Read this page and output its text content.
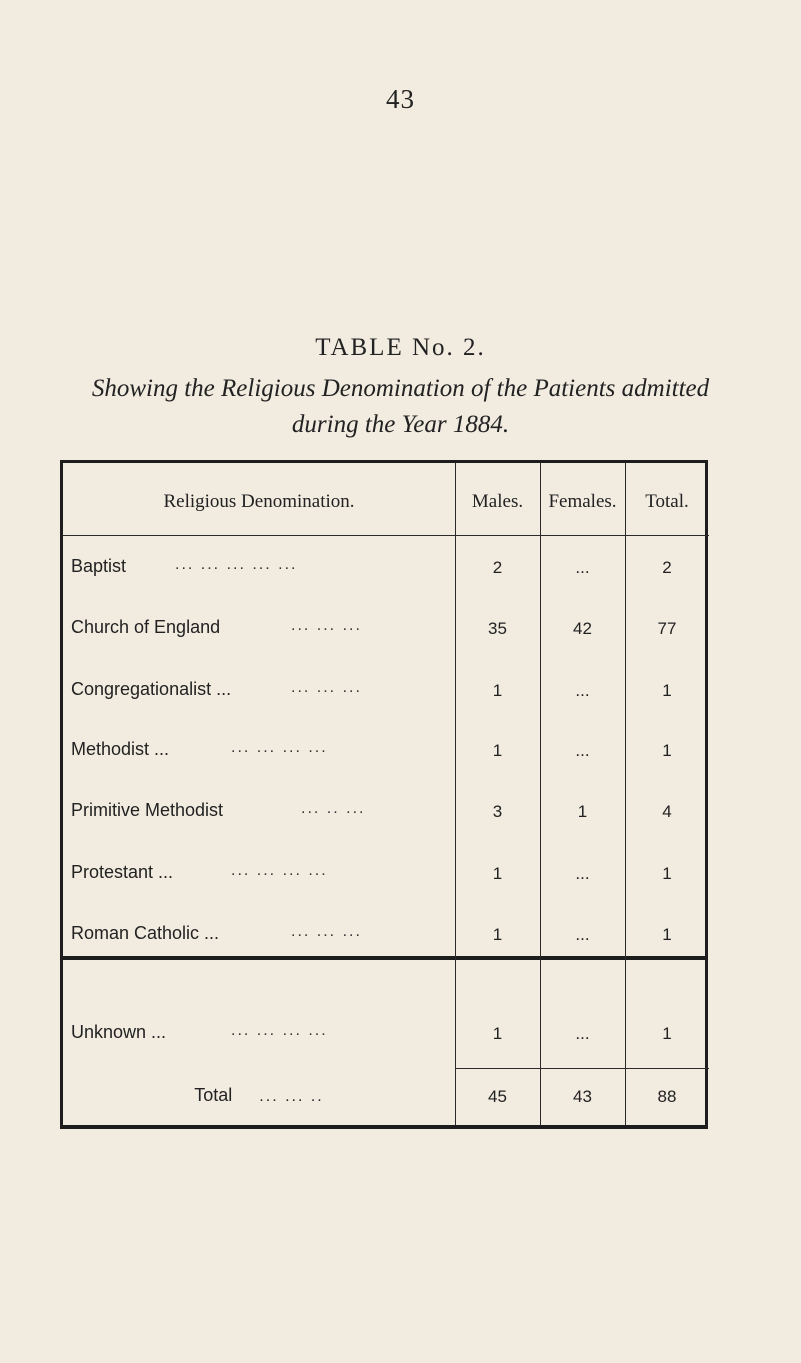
43
TABLE No. 2.
Showing the Religious Denomination of the Patients admitted
during the Year 1884.
Religious Denomination.	Males.	Females.	Total.
Baptist	... ... ... ... ...	2	...	2
Church of England	... ... ...	35	42	77
Congregationalist ...	... ... ...	1	...	1
Methodist ...	... ... ... ...	1	...	1
Primitive Methodist	... .. ...	3	1	4
Protestant ...	... ... ... ...	1	...	1
Roman Catholic ...	... ... ...	1	...	1
Unknown ...	... ... ... ...	1	...	1
Total ... ... ..	45	43	88
